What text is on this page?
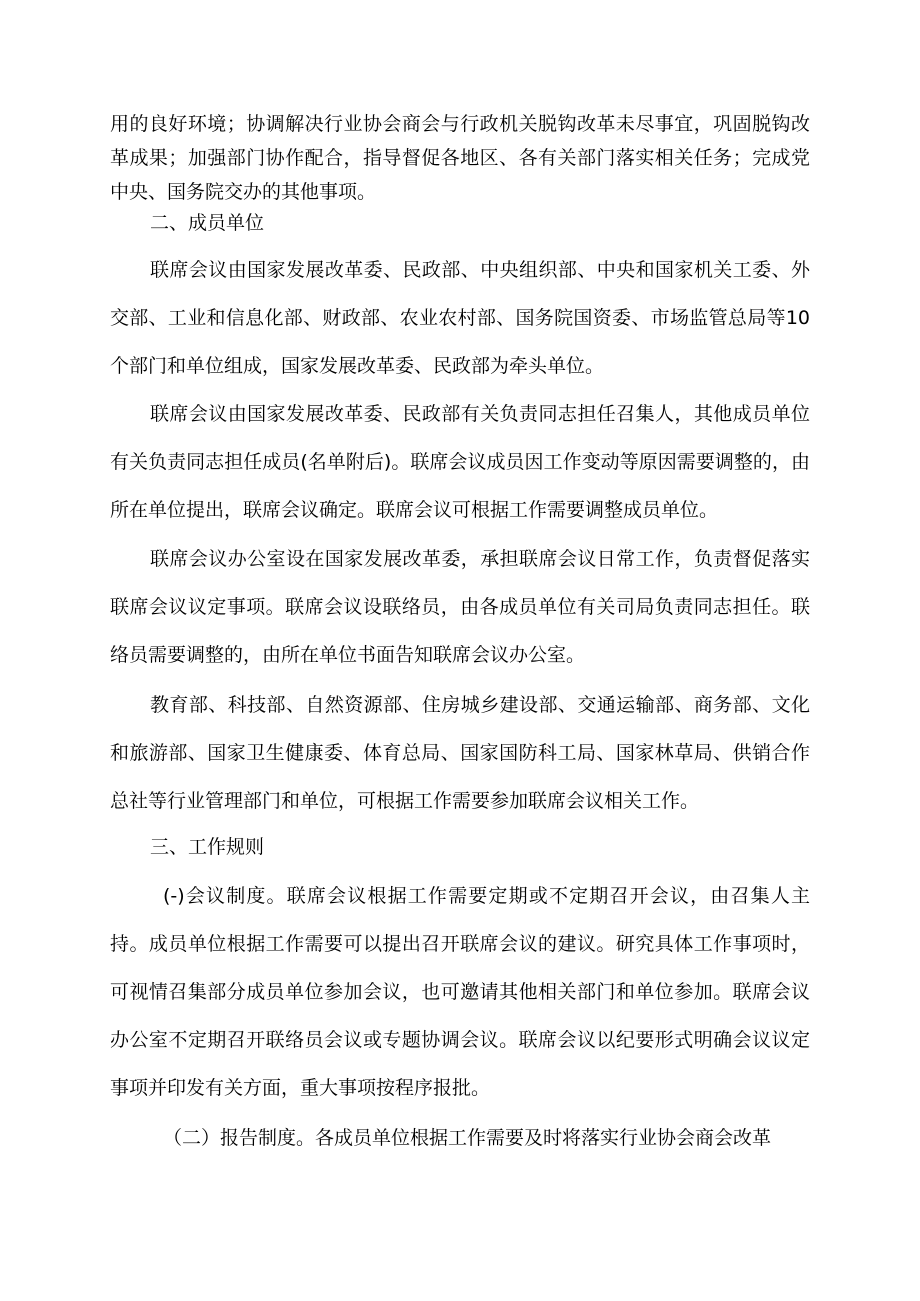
用的良好环境；协调解决行业协会商会与行政机关脱钩改革未尽事宜，巩固脱钩改革成果；加强部门协作配合，指导督促各地区、各有关部门落实相关任务；完成党中央、国务院交办的其他事项。

二、成员单位

联席会议由国家发展改革委、民政部、中央组织部、中央和国家机关工委、外交部、工业和信息化部、财政部、农业农村部、国务院国资委、市场监管总局等10个部门和单位组成，国家发展改革委、民政部为牵头单位。

联席会议由国家发展改革委、民政部有关负责同志担任召集人，其他成员单位有关负责同志担任成员(名单附后)。联席会议成员因工作变动等原因需要调整的，由所在单位提出，联席会议确定。联席会议可根据工作需要调整成员单位。

联席会议办公室设在国家发展改革委，承担联席会议日常工作，负责督促落实联席会议议定事项。联席会议设联络员，由各成员单位有关司局负责同志担任。联络员需要调整的，由所在单位书面告知联席会议办公室。

教育部、科技部、自然资源部、住房城乡建设部、交通运输部、商务部、文化和旅游部、国家卫生健康委、体育总局、国家国防科工局、国家林草局、供销合作总社等行业管理部门和单位，可根据工作需要参加联席会议相关工作。

三、工作规则

(-)会议制度。联席会议根据工作需要定期或不定期召开会议，由召集人主持。成员单位根据工作需要可以提出召开联席会议的建议。研究具体工作事项时，可视情召集部分成员单位参加会议，也可邀请其他相关部门和单位参加。联席会议办公室不定期召开联络员会议或专题协调会议。联席会议以纪要形式明确会议议定事项并印发有关方面，重大事项按程序报批。

（二）报告制度。各成员单位根据工作需要及时将落实行业协会商会改革
